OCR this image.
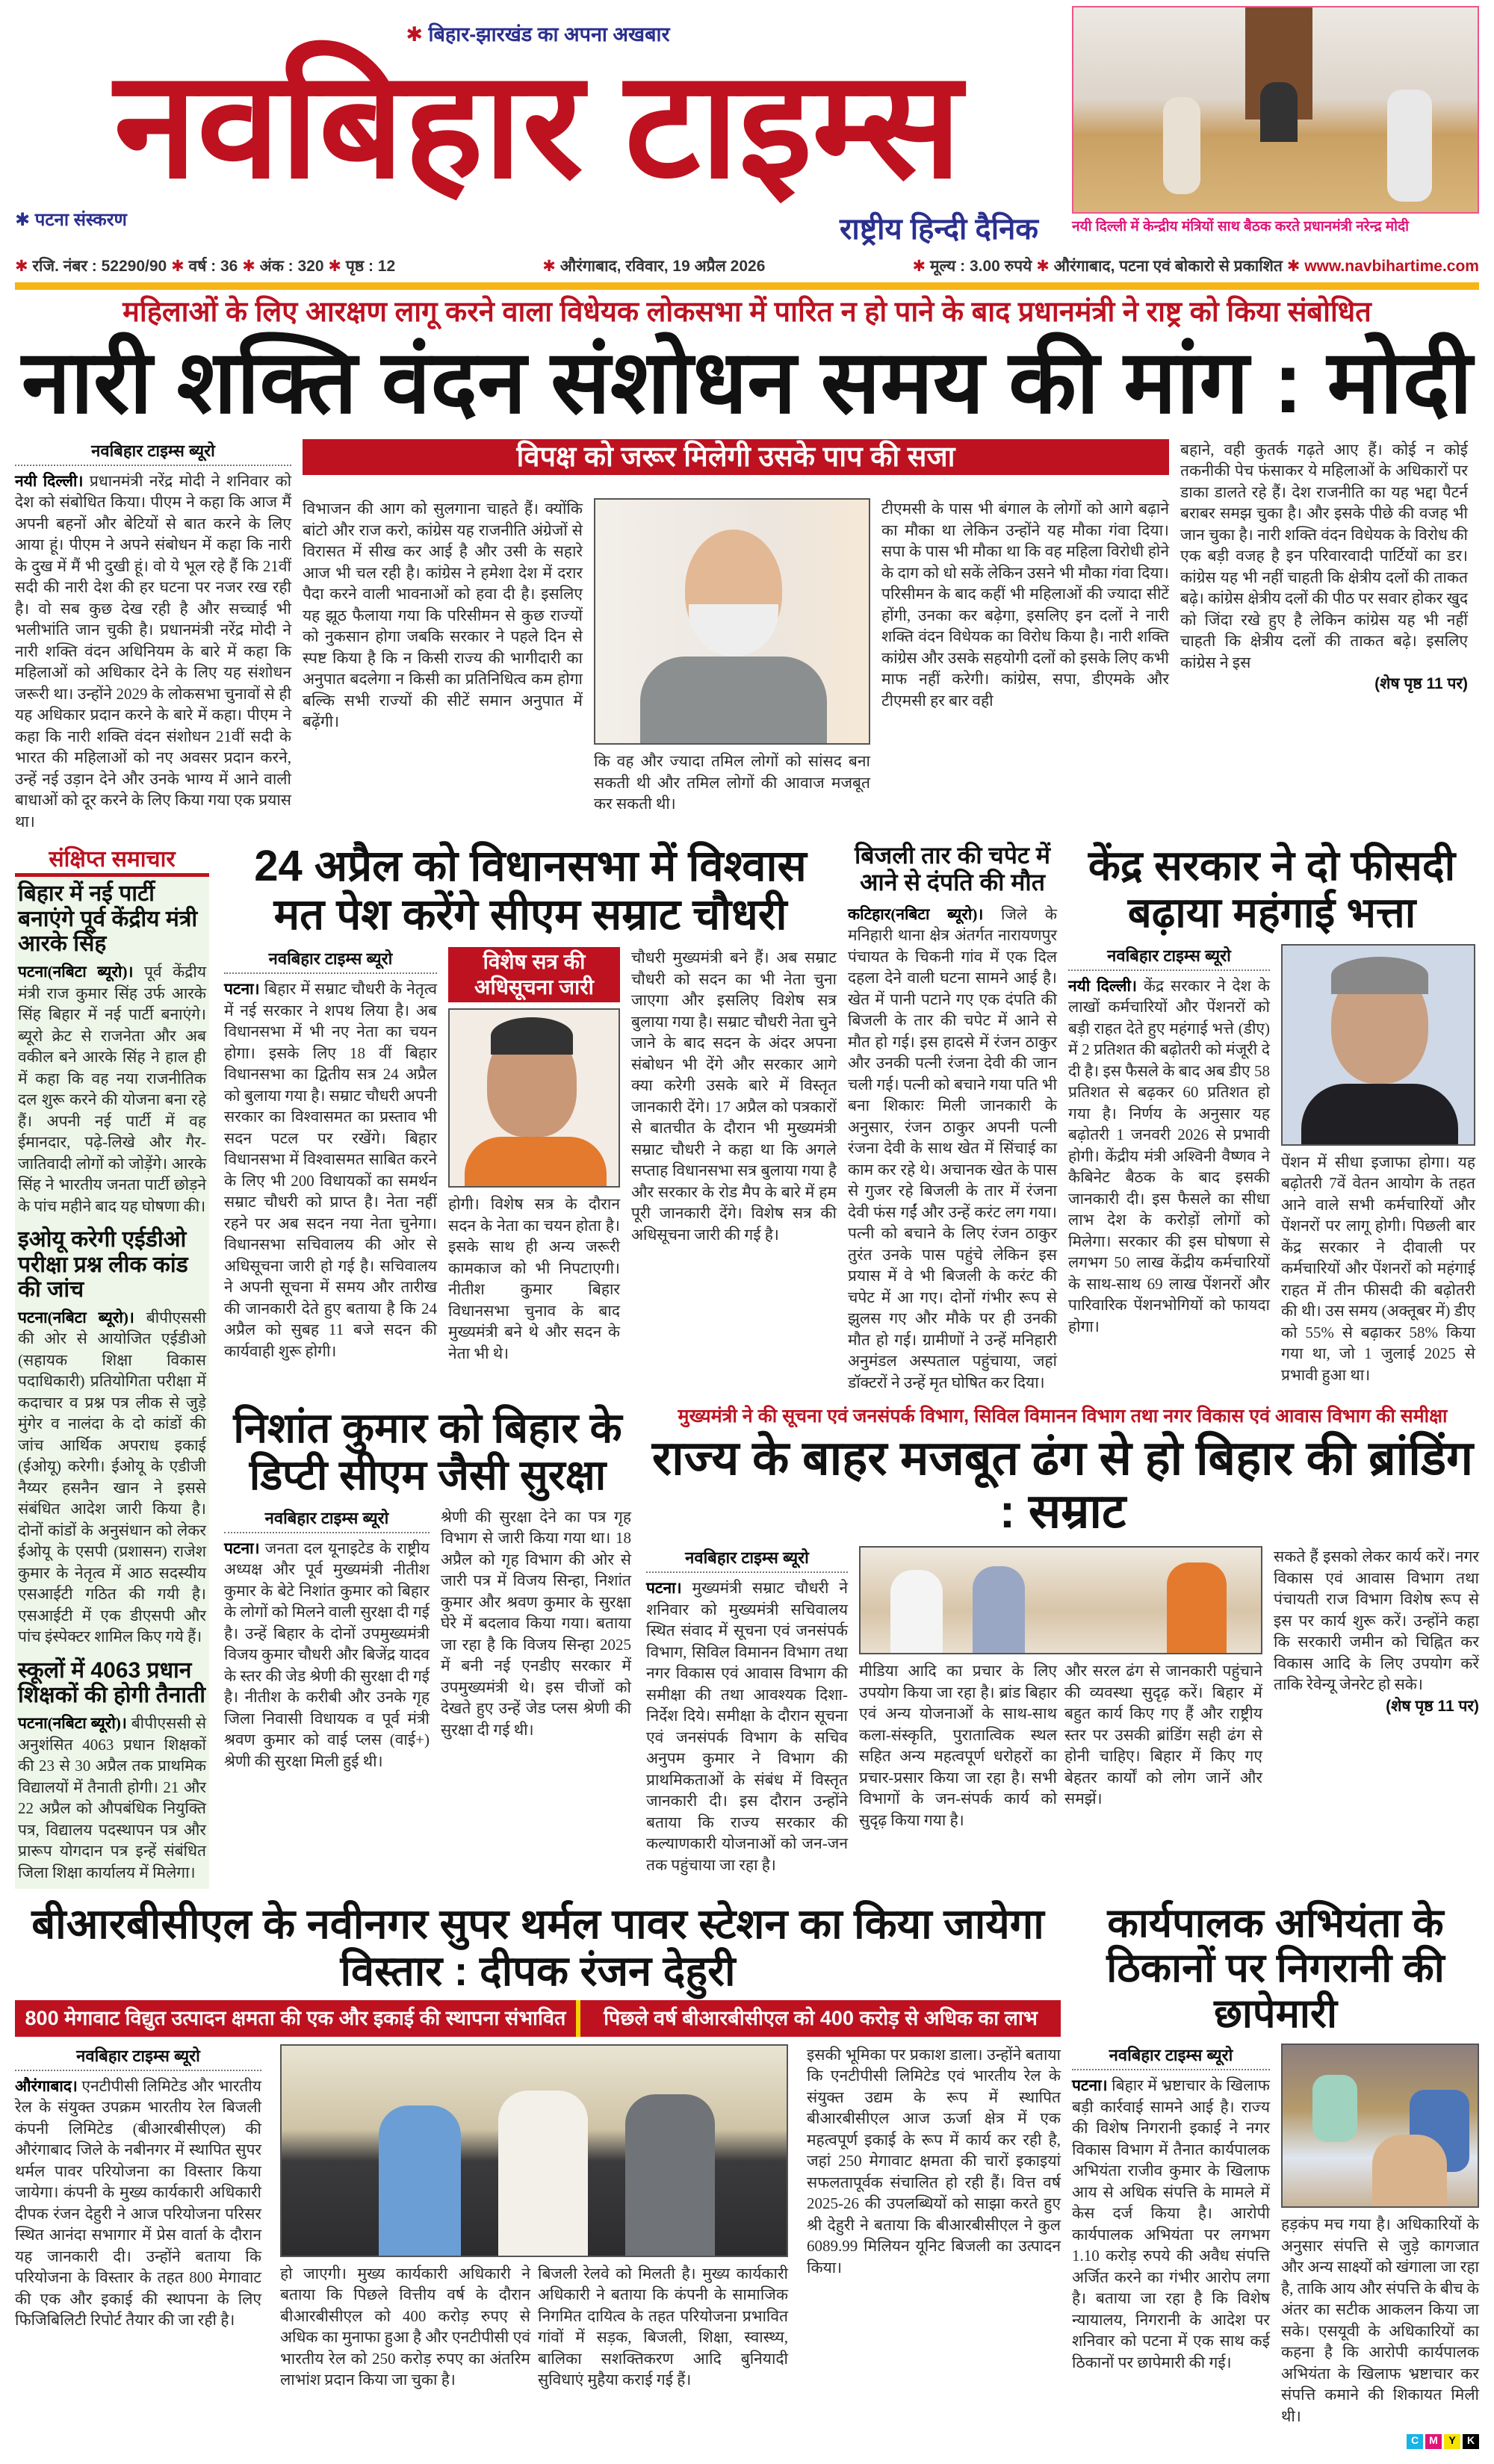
✱ बिहार-झारखंड का अपना अखबार
नवबिहार टाइम्स
✱ पटना संस्करण	राष्ट्रीय हिन्दी दैनिक नयी दिल्ली में केन्द्रीय मंत्रियों साथ बैठक करते प्रधानमंत्री नरेन्द्र मोदी
✱ रजि. नंबर : 52290/90 ✱ वर्ष : 36 ✱ अंक : 320 ✱ पृष्ठ : 12	✱ औरंगाबाद, रविवार, 19 अप्रैल 2026	✱ मूल्य : 3.00 रुपये ✱ औरंगाबाद, पटना एवं बोकारो से प्रकाशित ✱ www.navbihartime.com
महिलाओं के लिए आरक्षण लागू करने वाला विधेयक लोकसभा में पारित न हो पाने के बाद प्रधानमंत्री ने राष्ट्र को किया संबोधित
नारी शक्ति वंदन संशोधन समय की मांग : मोदी
नवबिहार टाइम्स ब्यूरो
नयी दिल्ली। प्रधानमंत्री नरेंद्र मोदी ने शनिवार को देश को संबोधित किया। पीएम ने कहा कि आज मैं अपनी बहनों और बेटियों से बात करने के लिए आया हूं। पीएम ने अपने संबोधन में कहा कि नारी के दुख में मैं भी दुखी हूं। वो ये भूल रहे हैं कि 21वीं सदी की नारी देश की हर घटना पर नजर रख रही है। वो सब कुछ देख रही है और सच्चाई भी भलीभांति जान चुकी है। प्रधानमंत्री नरेंद्र मोदी ने नारी शक्ति वंदन अधिनियम के बारे में कहा कि महिलाओं को अधिकार देने के लिए यह संशोधन जरूरी था। उन्होंने 2029 के लोकसभा चुनावों से ही यह अधिकार प्रदान करने के बारे में कहा। पीएम ने कहा कि नारी शक्ति वंदन संशोधन 21वीं सदी के भारत की महिलाओं को नए अवसर प्रदान करने, उन्हें नई उड़ान देने और उनके भाग्य में आने वाली बाधाओं को दूर करने के लिए किया गया एक प्रयास था।
विपक्ष को जरूर मिलेगी उसके पाप की सजा
विभाजन की आग को सुलगाना चाहते हैं। क्योंकि बांटो और राज करो, कांग्रेस यह राजनीति अंग्रेजों से विरासत में सीख कर आई है और उसी के सहारे आज भी चल रही है। कांग्रेस ने हमेशा देश में दरार पैदा करने वाली भावनाओं को हवा दी है। इसलिए यह झूठ फैलाया गया कि परिसीमन से कुछ राज्यों को नुकसान होगा जबकि सरकार ने पहले दिन से स्पष्ट किया है कि न किसी राज्य की भागीदारी का अनुपात बदलेगा न किसी का प्रतिनिधित्व कम होगा बल्कि सभी राज्यों की सीटें समान अनुपात में बढ़ेंगी।
कि वह और ज्यादा तमिल लोगों को सांसद बना सकती थी और तमिल लोगों की आवाज मजबूत कर सकती थी।
टीएमसी के पास भी बंगाल के लोगों को आगे बढ़ाने का मौका था लेकिन उन्होंने यह मौका गंवा दिया। सपा के पास भी मौका था कि वह महिला विरोधी होने के दाग को धो सकें लेकिन उसने भी मौका गंवा दिया। परिसीमन के बाद कहीं भी महिलाओं की ज्यादा सीटें होंगी, उनका कर बढ़ेगा, इसलिए इन दलों ने नारी शक्ति वंदन विधेयक का विरोध किया है। नारी शक्ति कांग्रेस और उसके सहयोगी दलों को इसके लिए कभी माफ नहीं करेगी। कांग्रेस, सपा, डीएमके और टीएमसी हर बार वही
बहाने, वही कुतर्क गढ़ते आए हैं। कोई न कोई तकनीकी पेच फंसाकर ये महिलाओं के अधिकारों पर डाका डालते रहे हैं। देश राजनीति का यह भद्दा पैटर्न बराबर समझ चुका है। और इसके पीछे की वजह भी जान चुका है। नारी शक्ति वंदन विधेयक के विरोध की एक बड़ी वजह है इन परिवारवादी पार्टियों का डर। कांग्रेस यह भी नहीं चाहती कि क्षेत्रीय दलों की ताकत बढ़े। कांग्रेस क्षेत्रीय दलों की पीठ पर सवार होकर खुद को जिंदा रखे हुए है लेकिन कांग्रेस यह भी नहीं चाहती कि क्षेत्रीय दलों की ताकत बढ़े। इसलिए कांग्रेस ने इस
(शेष पृष्ठ 11 पर)
संक्षिप्त समाचार
बिहार में नई पार्टी बनाएंगे पूर्व केंद्रीय मंत्री आरके सिंह
पटना(नबिटा ब्यूरो)। पूर्व केंद्रीय मंत्री राज कुमार सिंह उर्फ आरके सिंह बिहार में नई पार्टी बनाएंगे। ब्यूरो क्रेट से राजनेता और अब वकील बने आरके सिंह ने हाल ही में कहा कि वह नया राजनीतिक दल शुरू करने की योजना बना रहे हैं। अपनी नई पार्टी में वह ईमानदार, पढ़े-लिखे और गैर-जातिवादी लोगों को जोड़ेंगे। आरके सिंह ने भारतीय जनता पार्टी छोड़ने के पांच महीने बाद यह घोषणा की।
इओयू करेगी एईडीओ परीक्षा प्रश्न लीक कांड की जांच
पटना(नबिटा ब्यूरो)। बीपीएससी की ओर से आयोजित एईडीओ (सहायक शिक्षा विकास पदाधिकारी) प्रतियोगिता परीक्षा में कदाचार व प्रश्न पत्र लीक से जुड़े मुंगेर व नालंदा के दो कांडों की जांच आर्थिक अपराध इकाई (ईओयू) करेगी। ईओयू के एडीजी नैय्यर हसनैन खान ने इससे संबंधित आदेश जारी किया है। दोनों कांडों के अनुसंधान को लेकर ईओयू के एसपी (प्रशासन) राजेश कुमार के नेतृत्व में आठ सदस्यीय एसआईटी गठित की गयी है। एसआईटी में एक डीएसपी और पांच इंस्पेक्टर शामिल किए गये हैं।
स्कूलों में 4063 प्रधान शिक्षकों की होगी तैनाती
पटना(नबिटा ब्यूरो)। बीपीएससी से अनुशंसित 4063 प्रधान शिक्षकों की 23 से 30 अप्रैल तक प्राथमिक विद्यालयों में तैनाती होगी। 21 और 22 अप्रैल को औपबंधिक नियुक्ति पत्र, विद्यालय पदस्थापन पत्र और प्रारूप योगदान पत्र इन्हें संबंधित जिला शिक्षा कार्यालय में मिलेगा।
24 अप्रैल को विधानसभा में विश्वास मत पेश करेंगे सीएम सम्राट चौधरी
नवबिहार टाइम्स ब्यूरो
पटना। बिहार में सम्राट चौधरी के नेतृत्व में नई सरकार ने शपथ लिया है। अब विधानसभा में भी नए नेता का चयन होगा। इसके लिए 18 वीं बिहार विधानसभा का द्वितीय सत्र 24 अप्रैल को बुलाया गया है। सम्राट चौधरी अपनी सरकार का विश्वासमत का प्रस्ताव भी सदन पटल पर रखेंगे। बिहार विधानसभा में विश्वासमत साबित करने के लिए भी 200 विधायकों का समर्थन सम्राट चौधरी को प्राप्त है। नेता नहीं रहने पर अब सदन नया नेता चुनेगा। विधानसभा सचिवालय की ओर से अधिसूचना जारी हो गई है। सचिवालय ने अपनी सूचना में समय और तारीख की जानकारी देते हुए बताया है कि 24 अप्रैल को सुबह 11 बजे सदन की कार्यवाही शुरू होगी।
विशेष सत्र की अधिसूचना जारी
होगी। विशेष सत्र के दौरान सदन के नेता का चयन होता है। इसके साथ ही अन्य जरूरी कामकाज को भी निपटाएगी। नीतीश कुमार बिहार विधानसभा चुनाव के बाद मुख्यमंत्री बने थे और सदन के नेता भी थे।
चौधरी मुख्यमंत्री बने हैं। अब सम्राट चौधरी को सदन का भी नेता चुना जाएगा और इसलिए विशेष सत्र बुलाया गया है। सम्राट चौधरी नेता चुने जाने के बाद सदन के अंदर अपना संबोधन भी देंगे और सरकार आगे क्या करेगी उसके बारे में विस्तृत जानकारी देंगे। 17 अप्रैल को पत्रकारों से बातचीत के दौरान भी मुख्यमंत्री सम्राट चौधरी ने कहा था कि अगले सप्ताह विधानसभा सत्र बुलाया गया है और सरकार के रोड मैप के बारे में हम पूरी जानकारी देंगे। विशेष सत्र की अधिसूचना जारी की गई है।
बिजली तार की चपेट में आने से दंपति की मौत
कटिहार(नबिटा ब्यूरो)। जिले के मनिहारी थाना क्षेत्र अंतर्गत नारायणपुर पंचायत के चिकनी गांव में एक दिल दहला देने वाली घटना सामने आई है। खेत में पानी पटाने गए एक दंपति की बिजली के तार की चपेट में आने से मौत हो गई। इस हादसे में रंजन ठाकुर और उनकी पत्नी रंजना देवी की जान चली गई। पत्नी को बचाने गया पति भी बना शिकारः मिली जानकारी के अनुसार, रंजन ठाकुर अपनी पत्नी रंजना देवी के साथ खेत में सिंचाई का काम कर रहे थे। अचानक खेत के पास से गुजर रहे बिजली के तार में रंजना देवी फंस गईं और उन्हें करंट लग गया। पत्नी को बचाने के लिए रंजन ठाकुर तुरंत उनके पास पहुंचे लेकिन इस प्रयास में वे भी बिजली के करंट की चपेट में आ गए। दोनों गंभीर रूप से झुलस गए और मौके पर ही उनकी मौत हो गई। ग्रामीणों ने उन्हें मनिहारी अनुमंडल अस्पताल पहुंचाया, जहां डॉक्टरों ने उन्हें मृत घोषित कर दिया।
केंद्र सरकार ने दो फीसदी बढ़ाया महंगाई भत्ता
नवबिहार टाइम्स ब्यूरो
नयी दिल्ली। केंद्र सरकार ने देश के लाखों कर्मचारियों और पेंशनरों को बड़ी राहत देते हुए महंगाई भत्ते (डीए) में 2 प्रतिशत की बढ़ोतरी को मंजूरी दे दी है। इस फैसले के बाद अब डीए 58 प्रतिशत से बढ़कर 60 प्रतिशत हो गया है। निर्णय के अनुसार यह बढ़ोतरी 1 जनवरी 2026 से प्रभावी होगी। केंद्रीय मंत्री अश्विनी वैष्णव ने कैबिनेट बैठक के बाद इसकी जानकारी दी। इस फैसले का सीधा लाभ देश के करोड़ों लोगों को मिलेगा। सरकार की इस घोषणा से लगभग 50 लाख केंद्रीय कर्मचारियों के साथ-साथ 69 लाख पेंशनरों और पारिवारिक पेंशनभोगियों को फायदा होगा।
पेंशन में सीधा इजाफा होगा। यह बढ़ोतरी 7वें वेतन आयोग के तहत आने वाले सभी कर्मचारियों और पेंशनरों पर लागू होगी। पिछली बार केंद्र सरकार ने दीवाली पर कर्मचारियों और पेंशनरों को महंगाई राहत में तीन फीसदी की बढ़ोतरी की थी। उस समय (अक्तूबर में) डीए को 55% से बढ़ाकर 58% किया गया था, जो 1 जुलाई 2025 से प्रभावी हुआ था।
निशांत कुमार को बिहार के डिप्टी सीएम जैसी सुरक्षा
नवबिहार टाइम्स ब्यूरो
पटना। जनता दल यूनाइटेड के राष्ट्रीय अध्यक्ष और पूर्व मुख्यमंत्री नीतीश कुमार के बेटे निशांत कुमार को बिहार के लोगों को मिलने वाली सुरक्षा दी गई है। उन्हें बिहार के दोनों उपमुख्यमंत्री विजय कुमार चौधरी और बिजेंद्र यादव के स्तर की जेड श्रेणी की सुरक्षा दी गई है। नीतीश के करीबी और उनके गृह जिला निवासी विधायक व पूर्व मंत्री श्रवण कुमार को वाई प्लस (वाई+) श्रेणी की सुरक्षा मिली हुई थी।
श्रेणी की सुरक्षा देने का पत्र गृह विभाग से जारी किया गया था। 18 अप्रैल को गृह विभाग की ओर से जारी पत्र में विजय सिन्हा, निशांत कुमार और श्रवण कुमार के सुरक्षा घेरे में बदलाव किया गया। बताया जा रहा है कि विजय सिन्हा 2025 में बनी नई एनडीए सरकार में उपमुख्यमंत्री थे। इस चीजों को देखते हुए उन्हें जेड प्लस श्रेणी की सुरक्षा दी गई थी।
मुख्यमंत्री ने की सूचना एवं जनसंपर्क विभाग, सिविल विमानन विभाग तथा नगर विकास एवं आवास विभाग की समीक्षा
राज्य के बाहर मजबूत ढंग से हो बिहार की ब्रांडिंग : सम्राट
नवबिहार टाइम्स ब्यूरो
पटना। मुख्यमंत्री सम्राट चौधरी ने शनिवार को मुख्यमंत्री सचिवालय स्थित संवाद में सूचना एवं जनसंपर्क विभाग, सिविल विमानन विभाग तथा नगर विकास एवं आवास विभाग की समीक्षा की तथा आवश्यक दिशा-निर्देश दिये। समीक्षा के दौरान सूचना एवं जनसंपर्क विभाग के सचिव अनुपम कुमार ने विभाग की प्राथमिकताओं के संबंध में विस्तृत जानकारी दी। इस दौरान उन्होंने बताया कि राज्य सरकार की कल्याणकारी योजनाओं को जन-जन तक पहुंचाया जा रहा है।
मीडिया आदि का प्रचार के लिए उपयोग किया जा रहा है। ब्रांड बिहार एवं अन्य योजनाओं के साथ-साथ कला-संस्कृति, पुरातात्विक स्थल सहित अन्य महत्वपूर्ण धरोहरों का प्रचार-प्रसार किया जा रहा है। सभी विभागों के जन-संपर्क कार्य को सुदृढ़ किया गया है।
और सरल ढंग से जानकारी पहुंचाने की व्यवस्था सुदृढ़ करें। बिहार में बहुत कार्य किए गए हैं और राष्ट्रीय स्तर पर उसकी ब्रांडिंग सही ढंग से होनी चाहिए। बिहार में किए गए बेहतर कार्यों को लोग जानें और समझें।
सकते हैं इसको लेकर कार्य करें। नगर विकास एवं आवास विभाग तथा पंचायती राज विभाग विशेष रूप से इस पर कार्य शुरू करें। उन्होंने कहा कि सरकारी जमीन को चिह्नित कर विकास आदि के लिए उपयोग करें ताकि रेवेन्यू जेनरेट हो सके।
(शेष पृष्ठ 11 पर)
बीआरबीसीएल के नवीनगर सुपर थर्मल पावर स्टेशन का किया जायेगा विस्तार : दीपक रंजन देहुरी
800 मेगावाट विद्युत उत्पादन क्षमता की एक और इकाई की स्थापना संभावित	पिछले वर्ष बीआरबीसीएल को 400 करोड़ से अधिक का लाभ
नवबिहार टाइम्स ब्यूरो
औरंगाबाद। एनटीपीसी लिमिटेड और भारतीय रेल के संयुक्त उपक्रम भारतीय रेल बिजली कंपनी लिमिटेड (बीआरबीसीएल) की औरंगाबाद जिले के नबीनगर में स्थापित सुपर थर्मल पावर परियोजना का विस्तार किया जायेगा। कंपनी के मुख्य कार्यकारी अधिकारी दीपक रंजन देहुरी ने आज परियोजना परिसर स्थित आनंदा सभागार में प्रेस वार्ता के दौरान यह जानकारी दी। उन्होंने बताया कि परियोजना के विस्तार के तहत 800 मेगावाट की एक और इकाई की स्थापना के लिए फिजिबिलिटी रिपोर्ट तैयार की जा रही है।
हो जाएगी। मुख्य कार्यकारी अधिकारी ने बताया कि पिछले वित्तीय वर्ष के दौरान बीआरबीसीएल को 400 करोड़ रुपए से अधिक का मुनाफा हुआ है और एनटीपीसी एवं भारतीय रेल को 250 करोड़ रुपए का अंतरिम लाभांश प्रदान किया जा चुका है।
बिजली रेलवे को मिलती है। मुख्य कार्यकारी अधिकारी ने बताया कि कंपनी के सामाजिक निगमित दायित्व के तहत परियोजना प्रभावित गांवों में सड़क, बिजली, शिक्षा, स्वास्थ्य, बालिका सशक्तिकरण आदि बुनियादी सुविधाएं मुहैया कराई गई हैं।
इसकी भूमिका पर प्रकाश डाला। उन्होंने बताया कि एनटीपीसी लिमिटेड एवं भारतीय रेल के संयुक्त उद्यम के रूप में स्थापित बीआरबीसीएल आज ऊर्जा क्षेत्र में एक महत्वपूर्ण इकाई के रूप में कार्य कर रही है, जहां 250 मेगावाट क्षमता की चारों इकाइयां सफलतापूर्वक संचालित हो रही हैं। वित्त वर्ष 2025-26 की उपलब्धियों को साझा करते हुए श्री देहुरी ने बताया कि बीआरबीसीएल ने कुल 6089.99 मिलियन यूनिट बिजली का उत्पादन किया।
कार्यपालक अभियंता के ठिकानों पर निगरानी की छापेमारी
नवबिहार टाइम्स ब्यूरो
पटना। बिहार में भ्रष्टाचार के खिलाफ बड़ी कार्रवाई सामने आई है। राज्य की विशेष निगरानी इकाई ने नगर विकास विभाग में तैनात कार्यपालक अभियंता राजीव कुमार के खिलाफ आय से अधिक संपत्ति के मामले में केस दर्ज किया है। आरोपी कार्यपालक अभियंता पर लगभग 1.10 करोड़ रुपये की अवैध संपत्ति अर्जित करने का गंभीर आरोप लगा है। बताया जा रहा है कि विशेष न्यायालय, निगरानी के आदेश पर शनिवार को पटना में एक साथ कई ठिकानों पर छापेमारी की गई।
हड़कंप मच गया है। अधिकारियों के अनुसार संपत्ति से जुड़े कागजात और अन्य साक्ष्यों को खंगाला जा रहा है, ताकि आय और संपत्ति के बीच के अंतर का सटीक आकलन किया जा सके। एसयूवी के अधिकारियों का कहना है कि आरोपी कार्यपालक अभियंता के खिलाफ भ्रष्टाचार कर संपत्ति कमाने की शिकायत मिली थी।
C	M	Y	K
